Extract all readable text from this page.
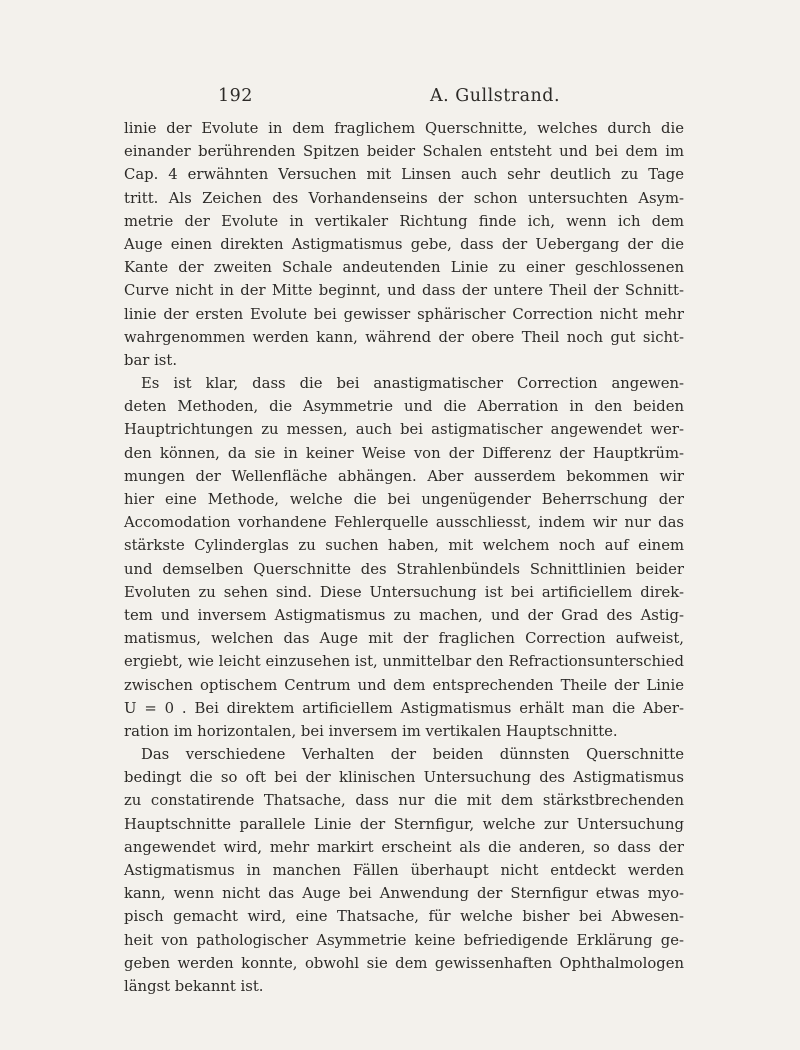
192	A. Gullstrand.
linie der Evolute in dem fraglichem Querschnitte, welches durch die
einander berührenden Spitzen beider Schalen entsteht und bei dem im
Cap. 4 erwähnten Versuchen mit Linsen auch sehr deutlich zu Tage
tritt. Als Zeichen des Vorhandenseins der schon untersuchten Asym-
metrie der Evolute in vertikaler Richtung finde ich, wenn ich dem
Auge einen direkten Astigmatismus gebe, dass der Uebergang der die
Kante der zweiten Schale andeutenden Linie zu einer geschlossenen
Curve nicht in der Mitte beginnt, und dass der untere Theil der Schnitt-
linie der ersten Evolute bei gewisser sphärischer Correction nicht mehr
wahrgenommen werden kann, während der obere Theil noch gut sicht-
bar ist.
Es ist klar, dass die bei anastigmatischer Correction angewen-
deten Methoden, die Asymmetrie und die Aberration in den beiden
Hauptrichtungen zu messen, auch bei astigmatischer angewendet wer-
den können, da sie in keiner Weise von der Differenz der Hauptkrüm-
mungen der Wellenfläche abhängen. Aber ausserdem bekommen wir
hier eine Methode, welche die bei ungenügender Beherrschung der
Accomodation vorhandene Fehlerquelle ausschliesst, indem wir nur das
stärkste Cylinderglas zu suchen haben, mit welchem noch auf einem
und demselben Querschnitte des Strahlenbündels Schnittlinien beider
Evoluten zu sehen sind. Diese Untersuchung ist bei artificiellem direk-
tem und inversem Astigmatismus zu machen, und der Grad des Astig-
matismus, welchen das Auge mit der fraglichen Correction aufweist,
ergiebt, wie leicht einzusehen ist, unmittelbar den Refractionsunterschied
zwischen optischem Centrum und dem entsprechenden Theile der Linie
U = 0 . Bei direktem artificiellem Astigmatismus erhält man die Aber-
ration im horizontalen, bei inversem im vertikalen Hauptschnitte.
Das verschiedene Verhalten der beiden dünnsten Querschnitte
bedingt die so oft bei der klinischen Untersuchung des Astigmatismus
zu constatirende Thatsache, dass nur die mit dem stärkstbrechenden
Hauptschnitte parallele Linie der Sternfigur, welche zur Untersuchung
angewendet wird, mehr markirt erscheint als die anderen, so dass der
Astigmatismus in manchen Fällen überhaupt nicht entdeckt werden
kann, wenn nicht das Auge bei Anwendung der Sternfigur etwas myo-
pisch gemacht wird, eine Thatsache, für welche bisher bei Abwesen-
heit von pathologischer Asymmetrie keine befriedigende Erklärung ge-
geben werden konnte, obwohl sie dem gewissenhaften Ophthalmologen
längst bekannt ist.
